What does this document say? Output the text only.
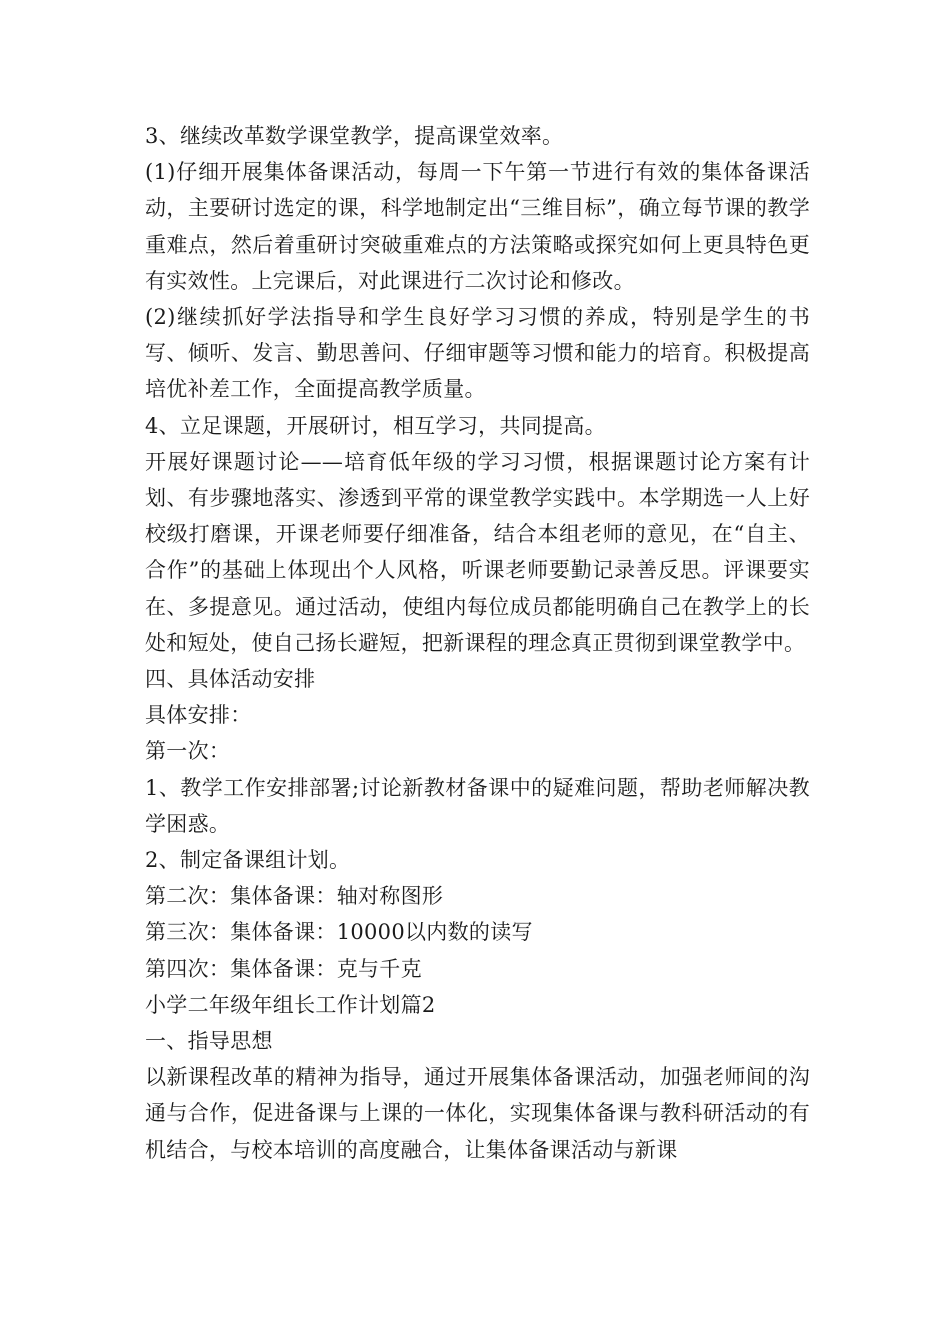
3、继续改革数学课堂教学，提高课堂效率。

(1)仔细开展集体备课活动，每周一下午第一节进行有效的集体备课活动，主要研讨选定的课，科学地制定出“三维目标”，确立每节课的教学重难点，然后着重研讨突破重难点的方法策略或探究如何上更具特色更有实效性。上完课后，对此课进行二次讨论和修改。

(2)继续抓好学法指导和学生良好学习习惯的养成，特别是学生的书写、倾听、发言、勤思善问、仔细审题等习惯和能力的培育。积极提高培优补差工作，全面提高教学质量。

4、立足课题，开展研讨，相互学习，共同提高。

开展好课题讨论——培育低年级的学习习惯，根据课题讨论方案有计划、有步骤地落实、渗透到平常的课堂教学实践中。本学期选一人上好校级打磨课，开课老师要仔细准备，结合本组老师的意见，在“自主、合作”的基础上体现出个人风格，听课老师要勤记录善反思。评课要实在、多提意见。通过活动，使组内每位成员都能明确自己在教学上的长处和短处，使自己扬长避短，把新课程的理念真正贯彻到课堂教学中。

四、具体活动安排

具体安排：

第一次：

1、教学工作安排部署;讨论新教材备课中的疑难问题，帮助老师解决教学困惑。

2、制定备课组计划。

第二次：集体备课：轴对称图形

第三次：集体备课：10000以内数的读写

第四次：集体备课：克与千克

小学二年级年组长工作计划篇2

一、指导思想

以新课程改革的精神为指导，通过开展集体备课活动，加强老师间的沟通与合作，促进备课与上课的一体化，实现集体备课与教科研活动的有机结合，与校本培训的高度融合，让集体备课活动与新课
